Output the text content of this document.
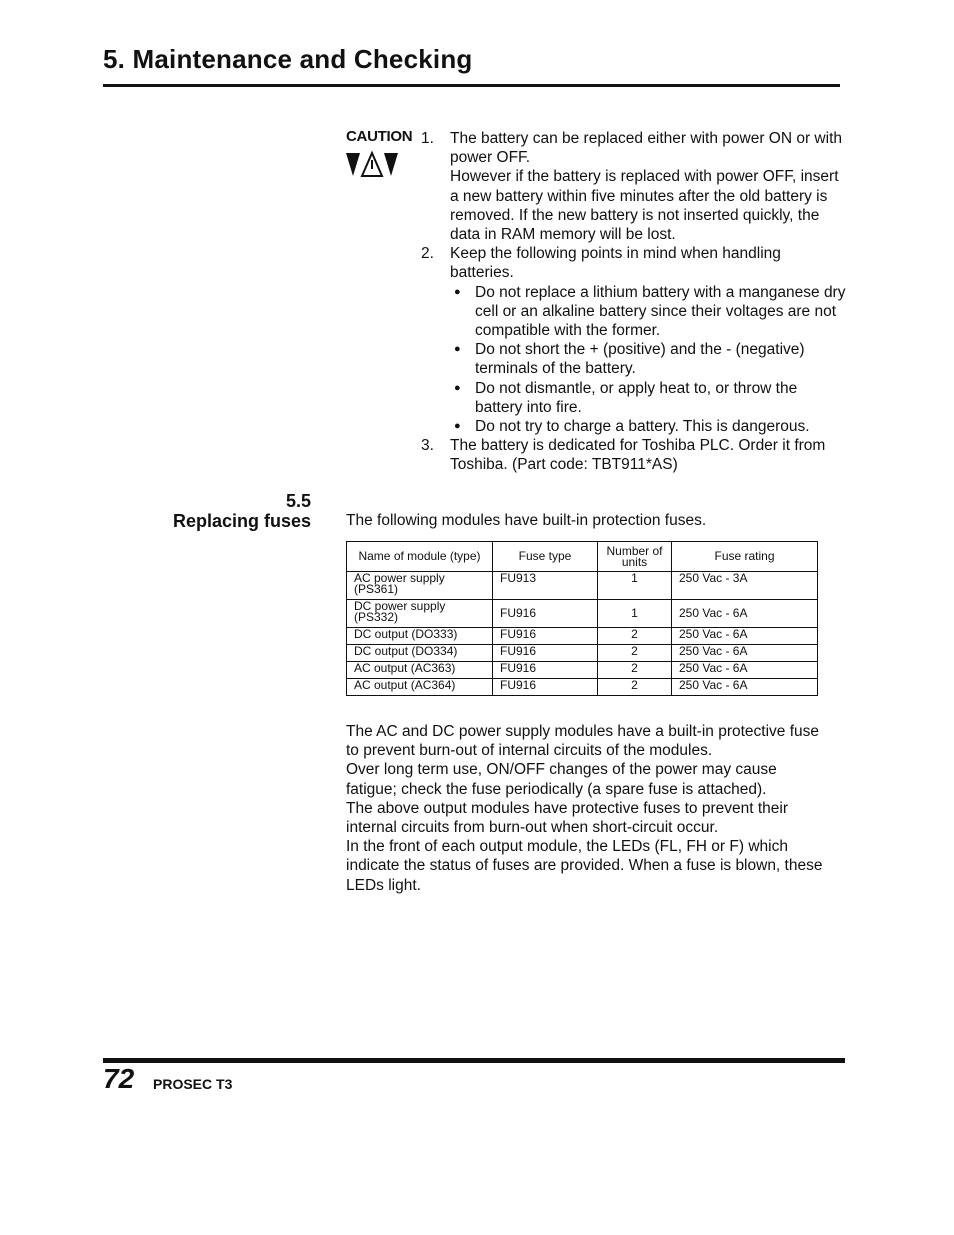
5. Maintenance and Checking
CAUTION 1.	The battery can be replaced either with power ON or with power OFF.
However if the battery is replaced with power OFF, insert a new battery within five minutes after the old battery is removed. If the new battery is not inserted quickly, the data in RAM memory will be lost.
2.	Keep the following points in mind when handling batteries.
● Do not replace a lithium battery with a manganese dry cell or an alkaline battery since their voltages are not compatible with the former.
● Do not short the + (positive) and the - (negative) terminals of the battery.
● Do not dismantle, or apply heat to, or throw the battery into fire.
● Do not try to charge a battery. This is dangerous.
3.	The battery is dedicated for Toshiba PLC. Order it from Toshiba. (Part code: TBT911*AS)
5.5
Replacing fuses The following modules have built-in protection fuses.
Name of module (type)	Fuse type	Number of units	Fuse rating
AC power supply (PS361)	FU913	1	250 Vac - 3A
DC power supply (PS332)	FU916	1	250 Vac - 6A
DC output (DO333)	FU916	2	250 Vac - 6A
DC output (DO334)	FU916	2	250 Vac - 6A
AC output (AC363)	FU916	2	250 Vac - 6A
AC output (AC364)	FU916	2	250 Vac - 6A
The AC and DC power supply modules have a built-in protective fuse to prevent burn-out of internal circuits of the modules.
Over long term use, ON/OFF changes of the power may cause fatigue; check the fuse periodically (a spare fuse is attached).
The above output modules have protective fuses to prevent their internal circuits from burn-out when short-circuit occur.
In the front of each output module, the LEDs (FL, FH or F) which indicate the status of fuses are provided. When a fuse is blown, these LEDs light.
72 PROSEC T3
